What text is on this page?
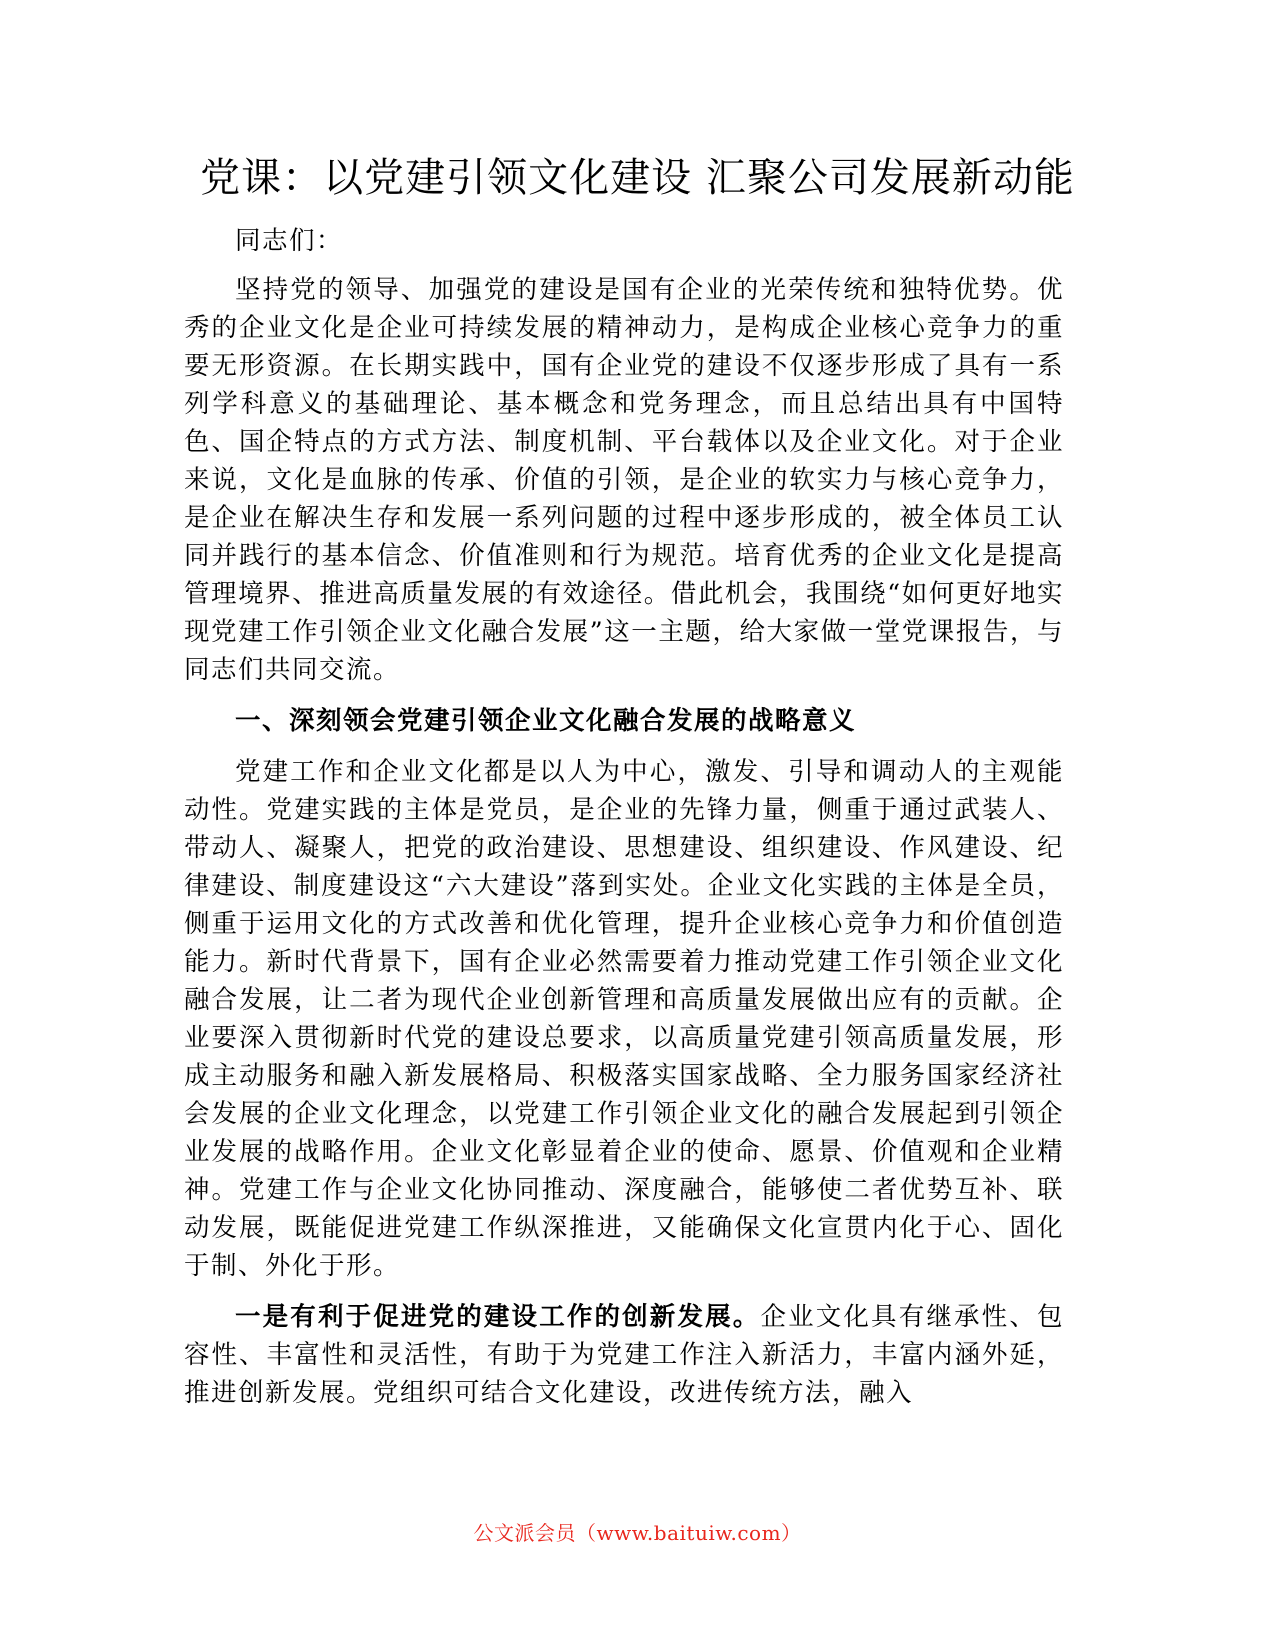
党课：以党建引领文化建设 汇聚公司发展新动能

同志们：

坚持党的领导、加强党的建设是国有企业的光荣传统和独特优势。优秀的企业文化是企业可持续发展的精神动力，是构成企业核心竞争力的重要无形资源。在长期实践中，国有企业党的建设不仅逐步形成了具有一系列学科意义的基础理论、基本概念和党务理念，而且总结出具有中国特色、国企特点的方式方法、制度机制、平台载体以及企业文化。对于企业来说，文化是血脉的传承、价值的引领，是企业的软实力与核心竞争力，是企业在解决生存和发展一系列问题的过程中逐步形成的，被全体员工认同并践行的基本信念、价值准则和行为规范。培育优秀的企业文化是提高管理境界、推进高质量发展的有效途径。借此机会，我围绕“如何更好地实现党建工作引领企业文化融合发展”这一主题，给大家做一堂党课报告，与同志们共同交流。

一、深刻领会党建引领企业文化融合发展的战略意义

党建工作和企业文化都是以人为中心，激发、引导和调动人的主观能动性。党建实践的主体是党员，是企业的先锋力量，侧重于通过武装人、带动人、凝聚人，把党的政治建设、思想建设、组织建设、作风建设、纪律建设、制度建设这“六大建设”落到实处。企业文化实践的主体是全员，侧重于运用文化的方式改善和优化管理，提升企业核心竞争力和价值创造能力。新时代背景下，国有企业必然需要着力推动党建工作引领企业文化融合发展，让二者为现代企业创新管理和高质量发展做出应有的贡献。企业要深入贯彻新时代党的建设总要求，以高质量党建引领高质量发展，形成主动服务和融入新发展格局、积极落实国家战略、全力服务国家经济社会发展的企业文化理念，以党建工作引领企业文化的融合发展起到引领企业发展的战略作用。企业文化彰显着企业的使命、愿景、价值观和企业精神。党建工作与企业文化协同推动、深度融合，能够使二者优势互补、联动发展，既能促进党建工作纵深推进，又能确保文化宣贯内化于心、固化于制、外化于形。

一是有利于促进党的建设工作的创新发展。企业文化具有继承性、包容性、丰富性和灵活性，有助于为党建工作注入新活力，丰富内涵外延，推进创新发展。党组织可结合文化建设，改进传统方法，融入

公文派会员（www.baituiw.com）
